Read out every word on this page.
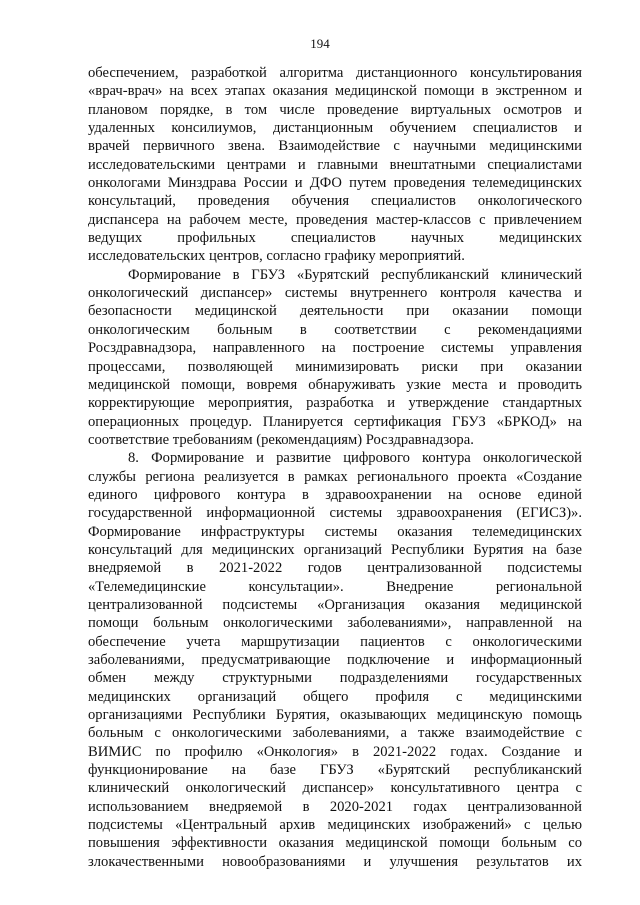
194
обеспечением, разработкой алгоритма дистанционного консультирования
«врач-врач» на всех этапах оказания медицинской помощи в экстренном и
плановом порядке, в том числе проведение виртуальных осмотров и
удаленных консилиумов, дистанционным обучением специалистов и
врачей первичного звена. Взаимодействие с научными медицинскими
исследовательскими центрами и главными внештатными специалистами
онкологами Минздрава России и ДФО путем проведения телемедицинских
консультаций, проведения обучения специалистов онкологического
диспансера на рабочем месте, проведения мастер-классов с привлечением
ведущих профильных специалистов научных медицинских
исследовательских центров, согласно графику мероприятий.
Формирование в ГБУЗ «Бурятский республиканский клинический
онкологический диспансер» системы внутреннего контроля качества и
безопасности медицинской деятельности при оказании помощи
онкологическим больным в соответствии с рекомендациями
Росздравнадзора, направленного на построение системы управления
процессами, позволяющей минимизировать риски при оказании
медицинской помощи, вовремя обнаруживать узкие места и проводить
корректирующие мероприятия, разработка и утверждение стандартных
операционных процедур. Планируется сертификация ГБУЗ «БРКОД» на
соответствие требованиям (рекомендациям) Росздравнадзора.
8. Формирование и развитие цифрового контура онкологической
службы региона реализуется в рамках регионального проекта «Создание
единого цифрового контура в здравоохранении на основе единой
государственной информационной системы здравоохранения (ЕГИСЗ)».
Формирование инфраструктуры системы оказания телемедицинских
консультаций для медицинских организаций Республики Бурятия на базе
внедряемой в 2021-2022 годов централизованной подсистемы
«Телемедицинские консультации». Внедрение региональной
централизованной подсистемы «Организация оказания медицинской
помощи больным онкологическими заболеваниями», направленной на
обеспечение учета маршрутизации пациентов с онкологическими
заболеваниями, предусматривающие подключение и информационный
обмен между структурными подразделениями государственных
медицинских организаций общего профиля с медицинскими
организациями Республики Бурятия, оказывающих медицинскую помощь
больным с онкологическими заболеваниями, а также взаимодействие с
ВИМИС по профилю «Онкология» в 2021-2022 годах. Создание и
функционирование на базе ГБУЗ «Бурятский республиканский
клинический онкологический диспансер» консультативного центра с
использованием внедряемой в 2020-2021 годах централизованной
подсистемы «Центральный архив медицинских изображений» с целью
повышения эффективности оказания медицинской помощи больным со
злокачественными новообразованиями и улучшения результатов их
